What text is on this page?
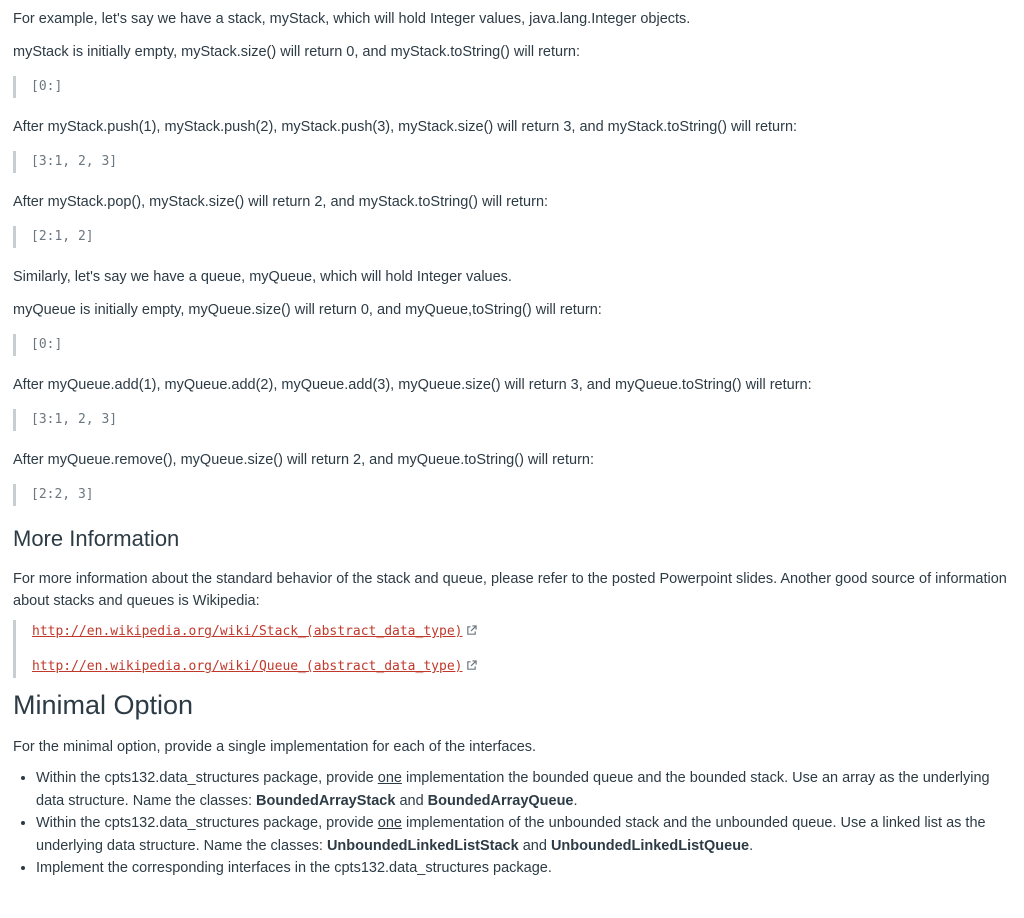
For example, let's say we have a stack, myStack, which will hold Integer values, java.lang.Integer objects.

myStack is initially empty, myStack.size() will return 0, and myStack.toString() will return:

[0:]

After myStack.push(1), myStack.push(2), myStack.push(3), myStack.size() will return 3, and myStack.toString() will return:

[3:1, 2, 3]

After myStack.pop(), myStack.size() will return 2, and myStack.toString() will return:

[2:1, 2]

Similarly, let's say we have a queue, myQueue, which will hold Integer values.

myQueue is initially empty, myQueue.size() will return 0, and myQueue,toString() will return:

[0:]

After myQueue.add(1), myQueue.add(2), myQueue.add(3), myQueue.size() will return 3, and myQueue.toString() will return:

[3:1, 2, 3]

After myQueue.remove(), myQueue.size() will return 2, and myQueue.toString() will return:

[2:2, 3]
More Information

For more information about the standard behavior of the stack and queue, please refer to the posted Powerpoint slides. Another good source of information about stacks and queues is Wikipedia:

http://en.wikipedia.org/wiki/Stack_(abstract_data_type)
http://en.wikipedia.org/wiki/Queue_(abstract_data_type)
Minimal Option

For the minimal option, provide a single implementation for each of the interfaces.

• Within the cpts132.data_structures package, provide one implementation the bounded queue and the bounded stack. Use an array as the underlying data structure. Name the classes: BoundedArrayStack and BoundedArrayQueue.
• Within the cpts132.data_structures package, provide one implementation of the unbounded stack and the unbounded queue. Use a linked list as the underlying data structure. Name the classes: UnboundedLinkedListStack and UnboundedLinkedListQueue.
• Implement the corresponding interfaces in the cpts132.data_structures package.
